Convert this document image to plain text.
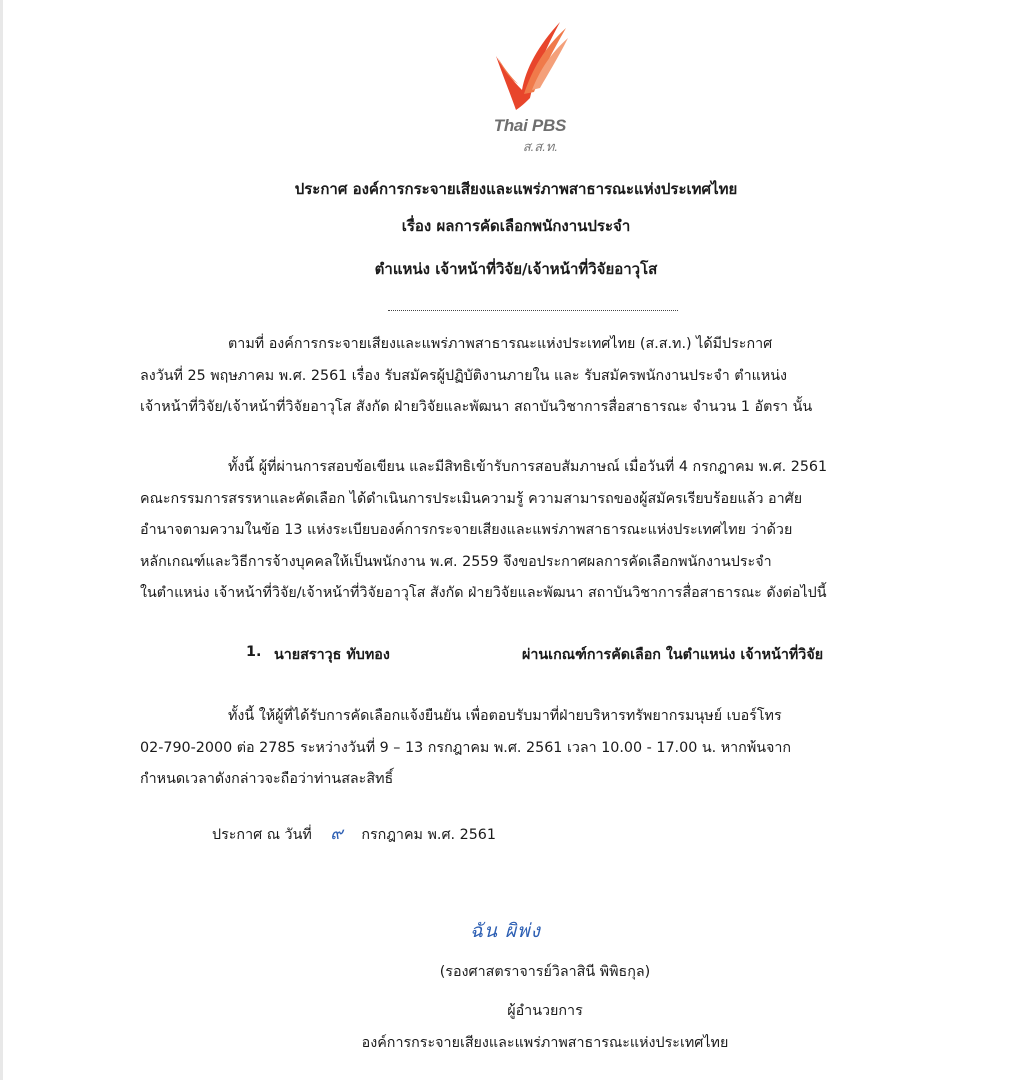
Thai PBS
ส.ส.ท.
ประกาศ องค์การกระจายเสียงและแพร่ภาพสาธารณะแห่งประเทศไทย
เรื่อง ผลการคัดเลือกพนักงานประจำ
ตำแหน่ง เจ้าหน้าที่วิจัย/เจ้าหน้าที่วิจัยอาวุโส
ตามที่ องค์การกระจายเสียงและแพร่ภาพสาธารณะแห่งประเทศไทย (ส.ส.ท.) ได้มีประกาศ
ลงวันที่ 25 พฤษภาคม พ.ศ. 2561 เรื่อง รับสมัครผู้ปฏิบัติงานภายใน และ รับสมัครพนักงานประจำ ตำแหน่ง
เจ้าหน้าที่วิจัย/เจ้าหน้าที่วิจัยอาวุโส สังกัด ฝ่ายวิจัยและพัฒนา สถาบันวิชาการสื่อสาธารณะ จำนวน 1 อัตรา นั้น
ทั้งนี้ ผู้ที่ผ่านการสอบข้อเขียน และมีสิทธิเข้ารับการสอบสัมภาษณ์ เมื่อวันที่ 4 กรกฎาคม พ.ศ. 2561
คณะกรรมการสรรหาและคัดเลือก ได้ดำเนินการประเมินความรู้ ความสามารถของผู้สมัครเรียบร้อยแล้ว อาศัย
อำนาจตามความในข้อ 13 แห่งระเบียบองค์การกระจายเสียงและแพร่ภาพสาธารณะแห่งประเทศไทย ว่าด้วย
หลักเกณฑ์และวิธีการจ้างบุคคลให้เป็นพนักงาน พ.ศ. 2559 จึงขอประกาศผลการคัดเลือกพนักงานประจำ
ในตำแหน่ง เจ้าหน้าที่วิจัย/เจ้าหน้าที่วิจัยอาวุโส สังกัด ฝ่ายวิจัยและพัฒนา สถาบันวิชาการสื่อสาธารณะ ดังต่อไปนี้
1. นายสราวุธ ทับทอง	ผ่านเกณฑ์การคัดเลือก ในตำแหน่ง เจ้าหน้าที่วิจัย
ทั้งนี้ ให้ผู้ที่ได้รับการคัดเลือกแจ้งยืนยัน เพื่อตอบรับมาที่ฝ่ายบริหารทรัพยากรมนุษย์ เบอร์โทร
02-790-2000 ต่อ 2785 ระหว่างวันที่ 9 – 13 กรกฎาคม พ.ศ. 2561 เวลา 10.00 - 17.00 น. หากพ้นจาก
กำหนดเวลาดังกล่าวจะถือว่าท่านสละสิทธิ์
ประกาศ ณ วันที่ ๙ กรกฎาคม พ.ศ. 2561
ฉัน ผิพ่ง
(รองศาสตราจารย์วิลาสินี พิพิธกุล)
ผู้อำนวยการ
องค์การกระจายเสียงและแพร่ภาพสาธารณะแห่งประเทศไทย
